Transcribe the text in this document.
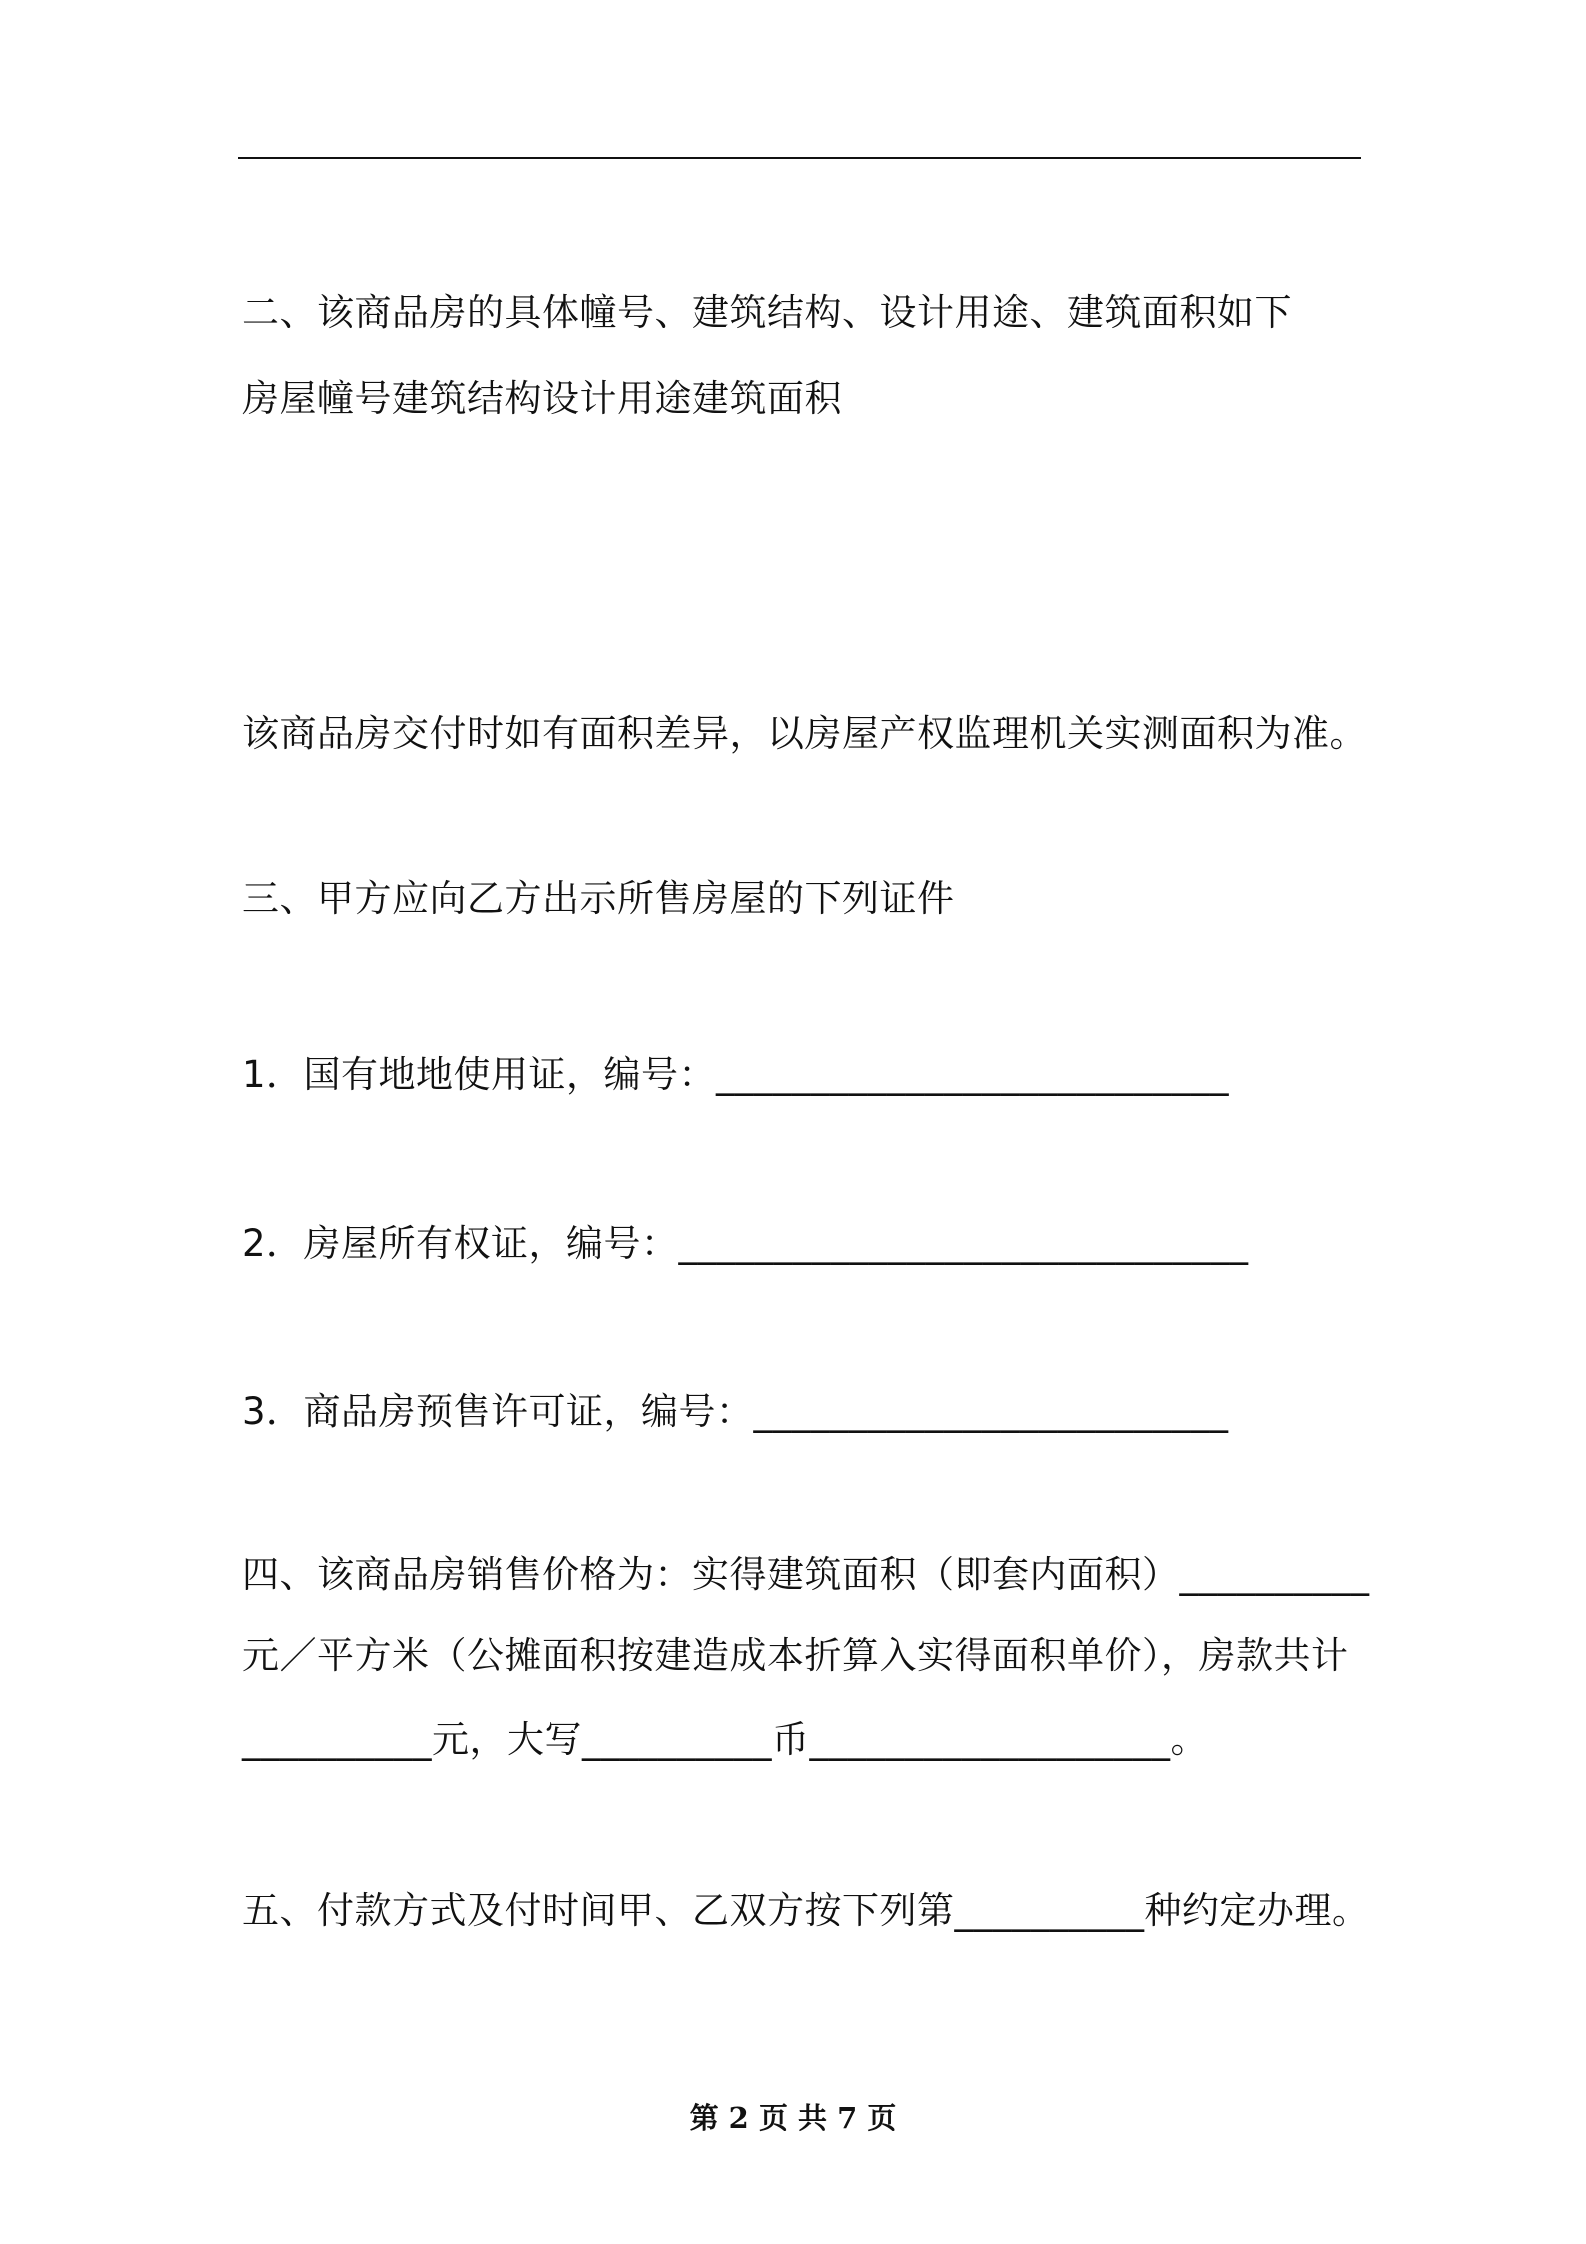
二、该商品房的具体幢号、建筑结构、设计用途、建筑面积如下
房屋幢号建筑结构设计用途建筑面积
该商品房交付时如有面积差异，以房屋产权监理机关实测面积为准。
三、甲方应向乙方出示所售房屋的下列证件
1．国有地地使用证，编号：___________________________
2．房屋所有权证，编号：______________________________
3．商品房预售许可证，编号：_________________________
四、该商品房销售价格为：实得建筑面积（即套内面积）__________
元／平方米（公摊面积按建造成本折算入实得面积单价），房款共计
__________元，大写__________币___________________。
五、付款方式及付时间甲、乙双方按下列第__________种约定办理。
第 2 页 共 7 页
